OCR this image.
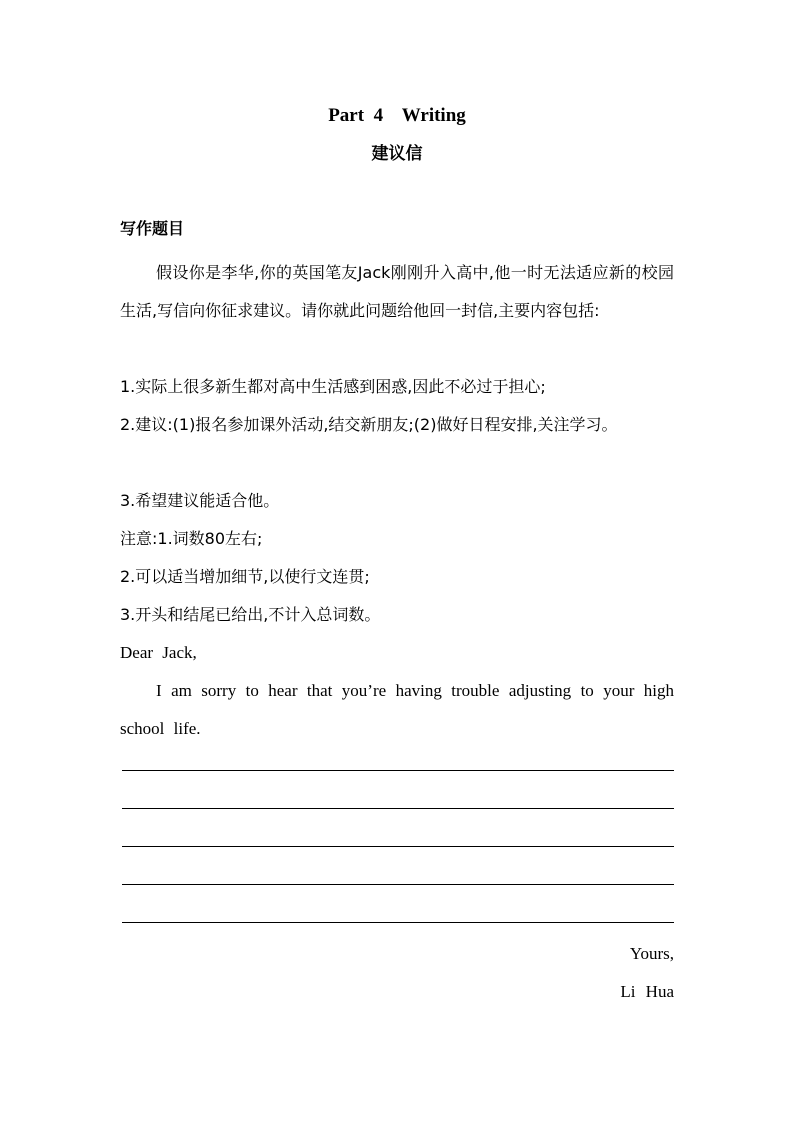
Part  4    Writing
建议信
写作题目
假设你是李华,你的英国笔友Jack刚刚升入高中,他一时无法适应新的校园生活,写信向你征求建议。请你就此问题给他回一封信,主要内容包括:
1.实际上很多新生都对高中生活感到困惑,因此不必过于担心;
2.建议:(1)报名参加课外活动,结交新朋友;(2)做好日程安排,关注学习。
3.希望建议能适合他。
注意:1.词数80左右;
2.可以适当增加细节,以使行文连贯;
3.开头和结尾已给出,不计入总词数。
Dear Jack,
I am sorry to hear that you’re having trouble adjusting to your high school life.
Yours,
Li Hua
